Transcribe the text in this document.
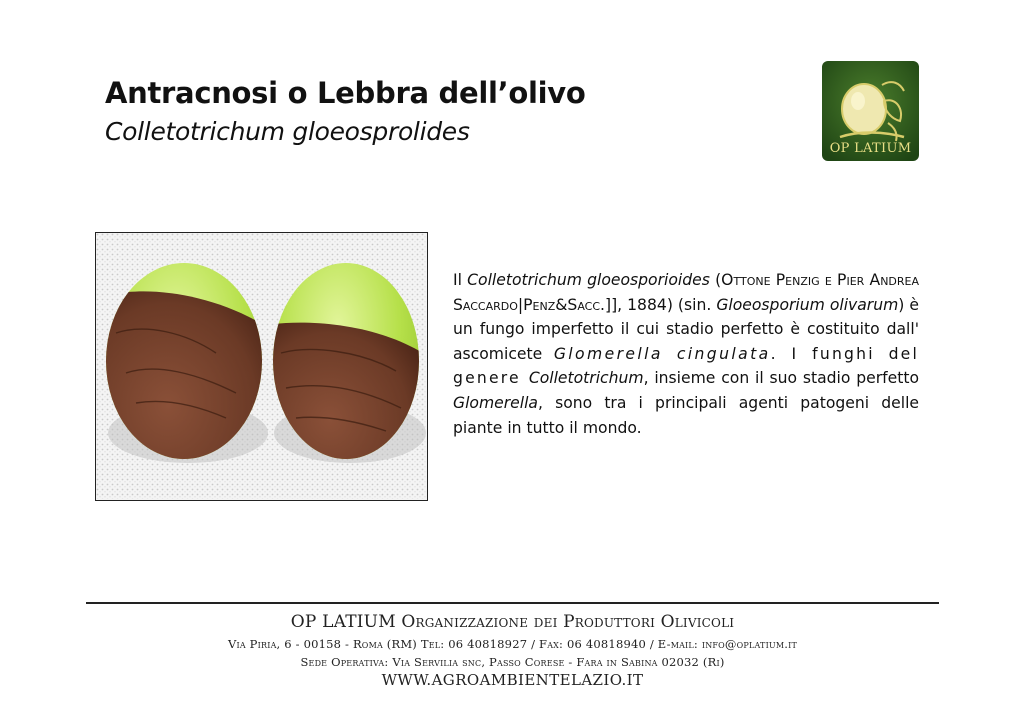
Antracnosi o Lebbra dell’olivo
Colletotrichum gloeosprolides
OP LATIUM
Il Colletotrichum gloeosporioides (Ottone Penzig e Pier Andrea Saccardo|Penz&Sacc.]], 1884) (sin. Gloeosporium olivarum) è un fungo imperfetto il cui stadio perfetto è costituito dall' ascomicete Glomerella cingulata. I funghi del genere Colletotrichum, insieme con il suo stadio perfetto Glomerella, sono tra i principali agenti patogeni delle piante in tutto il mondo.
OP LATIUM Organizzazione dei Produttori Olivicoli
Via Piria, 6 - 00158 - Roma (RM) Tel: 06 40818927 / Fax: 06 40818940 / E-mail: info@oplatium.it
Sede Operativa: Via Servilia snc, Passo Corese - Fara in Sabina 02032 (Ri)
WWW.AGROAMBIENTELAZIO.IT
